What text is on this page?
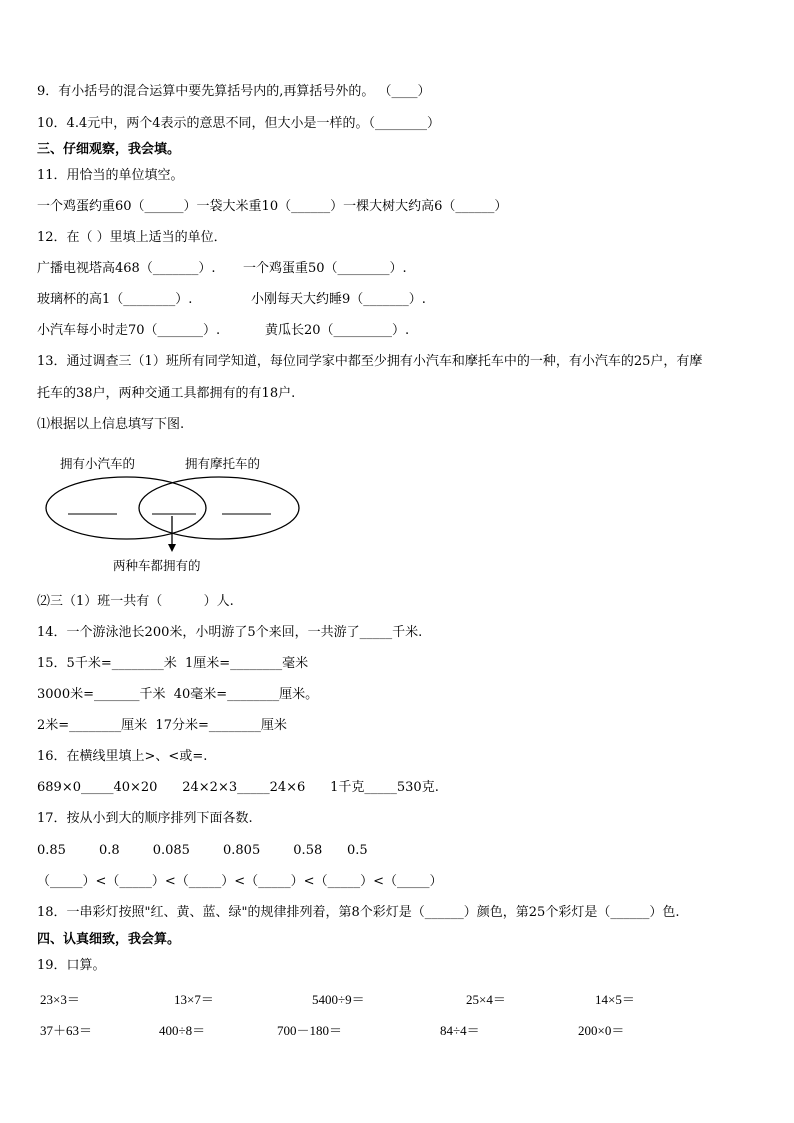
9．有小括号的混合运算中要先算括号内的,再算括号外的。 （____）
10．4.4元中，两个4表示的意思不同，但大小是一样的。（________）
三、仔细观察，我会填。
11．用恰当的单位填空。
一个鸡蛋约重60（______）一袋大米重10（______）一棵大树大约高6（______）
12．在（ ）里填上适当的单位．
广播电视塔高468（_______）. 一个鸡蛋重50（________）.
玻璃杯的高1（________）.	小刚每天大约睡9（_______）.
小汽车每小时走70（_______）.	黄瓜长20（_________）.
13．通过调查三（1）班所有同学知道，每位同学家中都至少拥有小汽车和摩托车中的一种，有小汽车的25户，有摩
托车的38户，两种交通工具都拥有的有18户.
⑴根据以上信息填写下图.
拥有小汽车的	拥有摩托车的
两种车都拥有的
⑵三（1）班一共有（          ）人.
14．一个游泳池长200米，小明游了5个来回，一共游了_____千米.
15．5千米=________米  1厘米=________毫米
3000米=_______千米  40毫米=________厘米。
2米=________厘米  17分米=________厘米
16．在横线里填上>、<或=.
689×0_____40×20      24×2×3_____24×6      1千克_____530克.
17．按从小到大的顺序排列下面各数.
0.85        0.8        0.085        0.805        0.58      0.5
（_____）<（_____）<（_____）<（_____）<（_____）<（_____）
18．一串彩灯按照"红、黄、蓝、绿"的规律排列着，第8个彩灯是（______）颜色，第25个彩灯是（______）色.
四、认真细致，我会算。
19．口算。
23×3＝	13×7＝	5400÷9＝	25×4＝	14×5＝
37＋63＝	400÷8＝	700－180＝	84÷4＝	200×0＝
